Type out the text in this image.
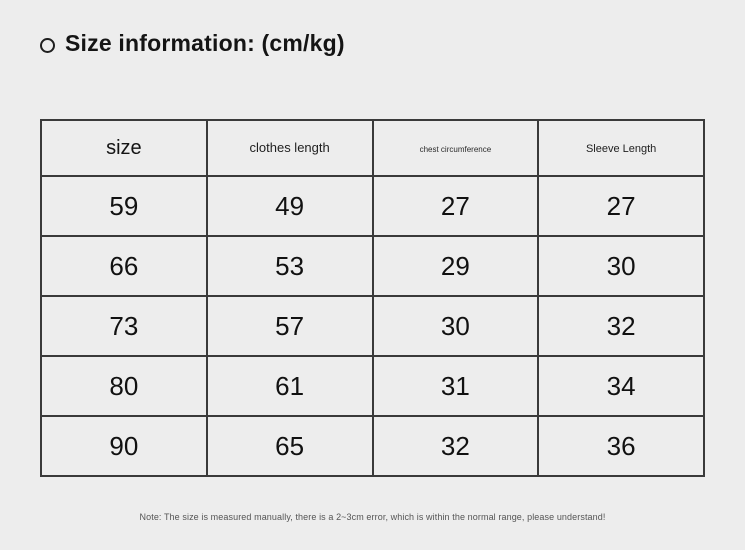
Size information: (cm/kg)
size	clothes length	chest circumference	Sleeve Length
59	49	27	27
66	53	29	30
73	57	30	32
80	61	31	34
90	65	32	36
Note: The size is measured manually, there is a 2~3cm error, which is within the normal range, please understand!
